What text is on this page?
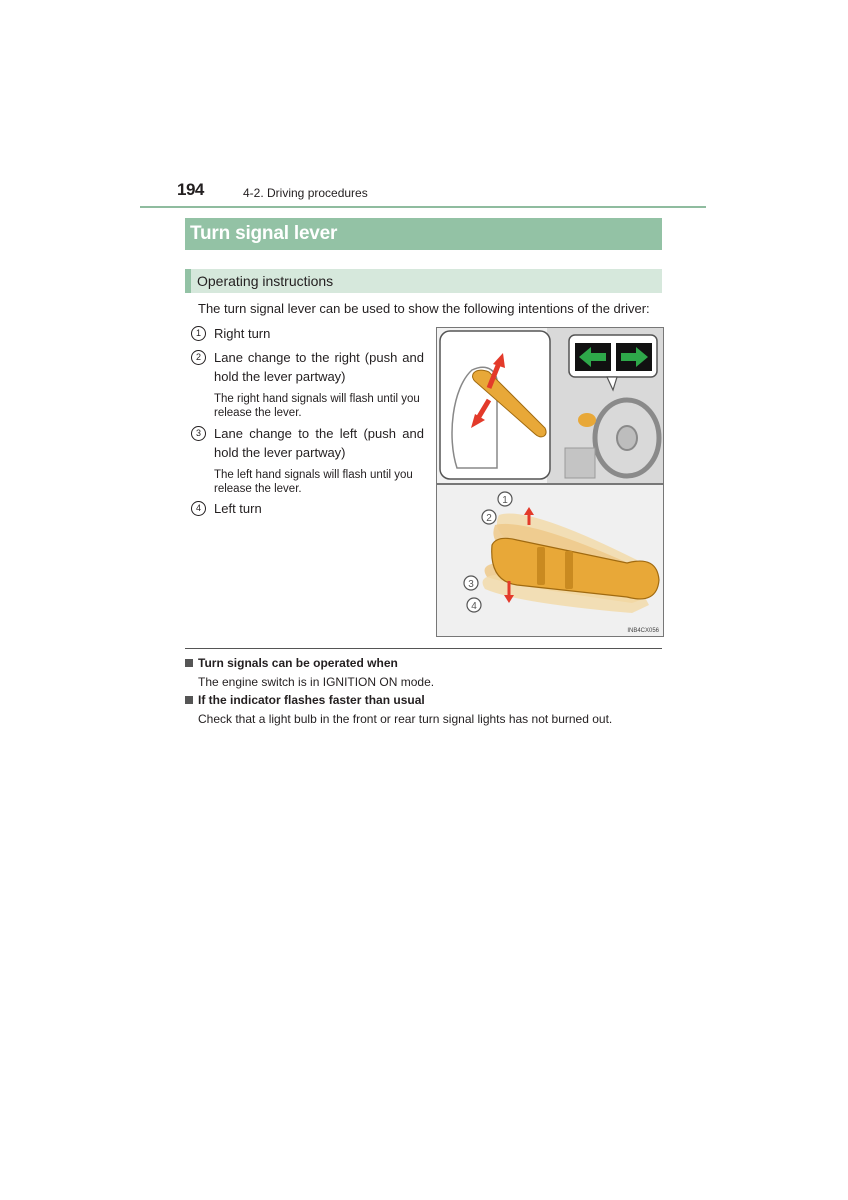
194	4-2. Driving procedures
Turn signal lever
Operating instructions
The turn signal lever can be used to show the following intentions of the driver:
1	Right turn
2	Lane change to the right (push and hold the lever partway)
The right hand signals will flash until you release the lever.
3	Lane change to the left (push and hold the lever partway)
The left hand signals will flash until you release the lever.
4	Left turn
1
2
3
4
INB4CX056
Turn signals can be operated when
The engine switch is in IGNITION ON mode.
If the indicator flashes faster than usual
Check that a light bulb in the front or rear turn signal lights has not burned out.
